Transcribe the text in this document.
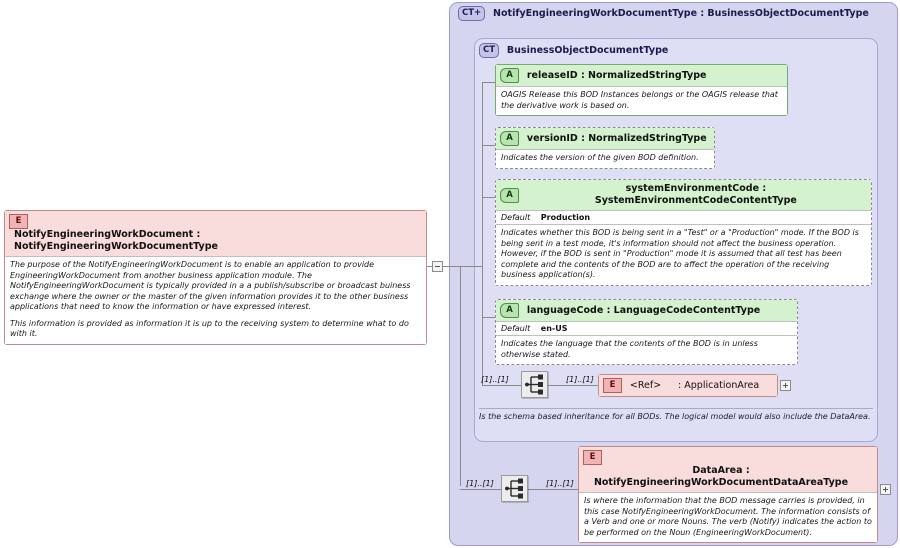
CT+ NotifyEngineeringWorkDocumentType : BusinessObjectDocumentType
CT BusinessObjectDocumentType
E NotifyEngineeringWorkDocument : NotifyEngineeringWorkDocumentType

The purpose of the NotifyEngineeringWorkDocument is to enable an application to provide EngineeringWorkDocument from another business application module. The NotifyEngineeringWorkDocument is typically provided in a a publish/subscribe or broadcast buiness exchange where the owner or the master of the given information provides it to the other business applications that need to know the information or have expressed interest.

This information is provided as information it is up to the receiving system to determine what to do with it.

A releaseID : NormalizedStringType
OAGIS Release this BOD Instances belongs or the OAGIS release that the derivative work is based on.
A versionID : NormalizedStringType
Indicates the version of the given BOD definition.
A systemEnvironmentCode : SystemEnvironmentCodeContentType
Default Production
Indicates whether this BOD is being sent in a "Test" or a "Production" mode. If the BOD is being sent in a test mode, it's information should not affect the business operation. However, if the BOD is sent in "Production" mode it is assumed that all test has been complete and the contents of the BOD are to affect the operation of the receiving business application(s).
A languageCode : LanguageCodeContentType
Default en-US
Indicates the language that the contents of the BOD is in unless otherwise stated.
[1]..[1]	[1]..[1]
E <Ref> : ApplicationArea
Is the schema based inheritance for all BODs. The logical model would also include the DataArea.
[1]..[1]	[1]..[1]
E DataArea : NotifyEngineeringWorkDocumentDataAreaType
Is where the information that the BOD message carries is provided, in this case NotifyEngineeringWorkDocument. The information consists of a Verb and one or more Nouns. The verb (Notify) indicates the action to be performed on the Noun (EngineeringWorkDocument).
